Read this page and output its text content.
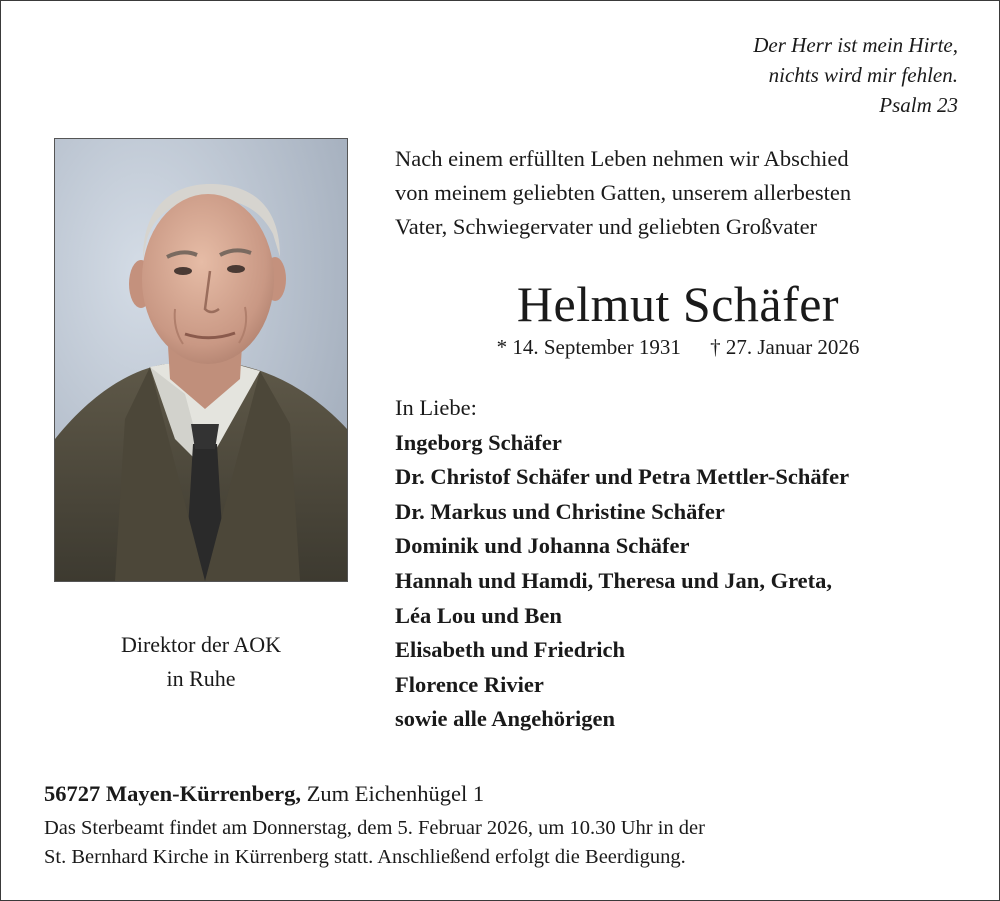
Der Herr ist mein Hirte,
nichts wird mir fehlen.
Psalm 23
Direktor der AOK
in Ruhe
Nach einem erfüllten Leben nehmen wir Abschied
von meinem geliebten Gatten, unserem allerbesten
Vater, Schwiegervater und geliebten Großvater
Helmut Schäfer
* 14. September 1931 † 27. Januar 2026
In Liebe:
Ingeborg Schäfer
Dr. Christof Schäfer und Petra Mettler-Schäfer
Dr. Markus und Christine Schäfer
Dominik und Johanna Schäfer
Hannah und Hamdi, Theresa und Jan, Greta,
Léa Lou und Ben
Elisabeth und Friedrich
Florence Rivier
sowie alle Angehörigen
56727 Mayen-Kürrenberg, Zum Eichenhügel 1
Das Sterbeamt findet am Donnerstag, dem 5. Februar 2026, um 10.30 Uhr in der
St. Bernhard Kirche in Kürrenberg statt. Anschließend erfolgt die Beerdigung.
